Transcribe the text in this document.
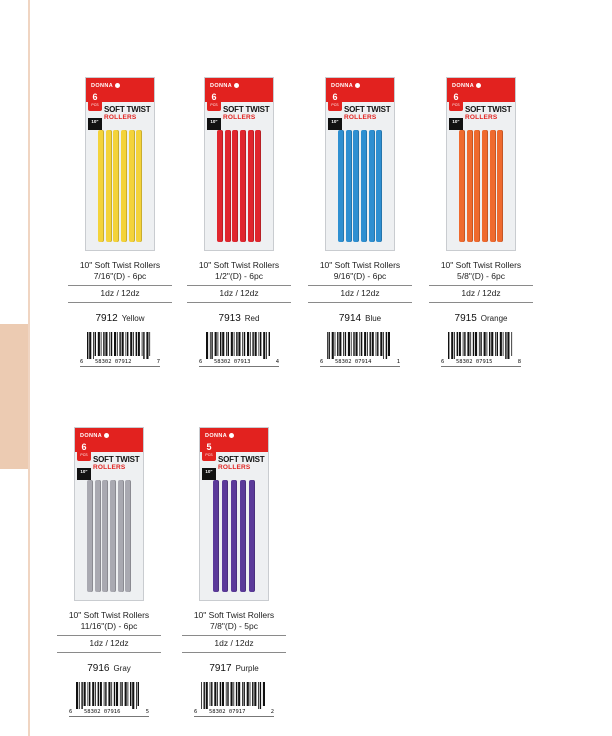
DONNA
6
PCS SOFT TWIST
ROLLERS
10"
10" Soft Twist Rollers
7/16"(D) - 6pc
1dz / 12dz
7912 Yellow
6 58302 07912	7
DONNA
6
PCS SOFT TWIST
ROLLERS
10"
10" Soft Twist Rollers
1/2"(D) - 6pc
1dz / 12dz
7913 Red
6 58302 07913	4
DONNA
6
PCS SOFT TWIST
ROLLERS
10"
10" Soft Twist Rollers
9/16"(D) - 6pc
1dz / 12dz
7914 Blue
6 58302 07914	1
DONNA
6
PCS SOFT TWIST
ROLLERS
10"
10" Soft Twist Rollers
5/8"(D) - 6pc
1dz / 12dz
7915 Orange
6 58302 07915	8
DONNA
6
PCS SOFT TWIST
ROLLERS
10"
10" Soft Twist Rollers
11/16"(D) - 6pc
1dz / 12dz
7916 Gray
6 58302 07916	5
DONNA
5
PCS SOFT TWIST
ROLLERS
10"
10" Soft Twist Rollers
7/8"(D) - 5pc
1dz / 12dz
7917 Purple
6 58302 07917	2
